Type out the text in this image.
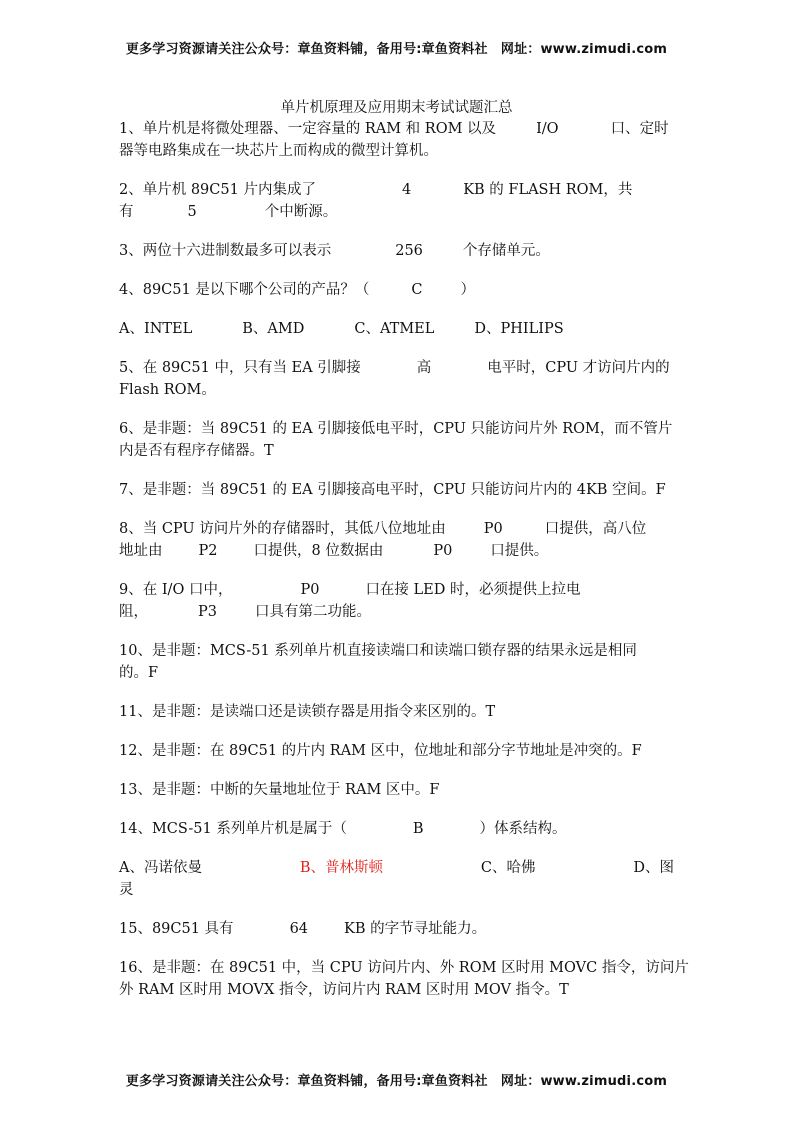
更多学习资源请关注公众号：章鱼资料铺，备用号:章鱼资料社　网址：www.zimudi.com
单片机原理及应用期末考试试题汇总
1、单片机是将微处理器、一定容量的 RAM 和 ROM 以及	I/O	口、定时
器等电路集成在一块芯片上而构成的微型计算机。
2、单片机 89C51 片内集成了	4	KB 的 FLASH ROM，共
有	5	个中断源。
3、两位十六进制数最多可以表示	256	个存储单元。
4、89C51 是以下哪个公司的产品？（	C	）
A、INTEL	B、AMD	C、ATMEL	D、PHILIPS
5、在 89C51 中，只有当 EA 引脚接	高	电平时，CPU 才访问片内的
Flash ROM。
6、是非题：当 89C51 的 EA 引脚接低电平时，CPU 只能访问片外 ROM，而不管片
内是否有程序存储器。T
7、是非题：当 89C51 的 EA 引脚接高电平时，CPU 只能访问片内的 4KB 空间。F
8、当 CPU 访问片外的存储器时，其低八位地址由	P0	口提供，高八位
地址由 P2 口提供，8 位数据由	P0	口提供。
9、在 I/O 口中，	P0	口在接 LED 时，必须提供上拉电
阻，	P3	口具有第二功能。
10、是非题：MCS-51 系列单片机直接读端口和读端口锁存器的结果永远是相同
的。F
11、是非题：是读端口还是读锁存器是用指令来区别的。T
12、是非题：在 89C51 的片内 RAM 区中，位地址和部分字节地址是冲突的。F
13、是非题：中断的矢量地址位于 RAM 区中。F
14、MCS-51 系列单片机是属于（	B	）体系结构。
A、冯诺依曼	B、普林斯顿	C、哈佛	D、图
灵
15、89C51 具有	64 KB 的字节寻址能力。
16、是非题：在 89C51 中，当 CPU 访问片内、外 ROM 区时用 MOVC 指令，访问片
外 RAM 区时用 MOVX 指令，访问片内 RAM 区时用 MOV 指令。T
更多学习资源请关注公众号：章鱼资料铺，备用号:章鱼资料社　网址：www.zimudi.com
